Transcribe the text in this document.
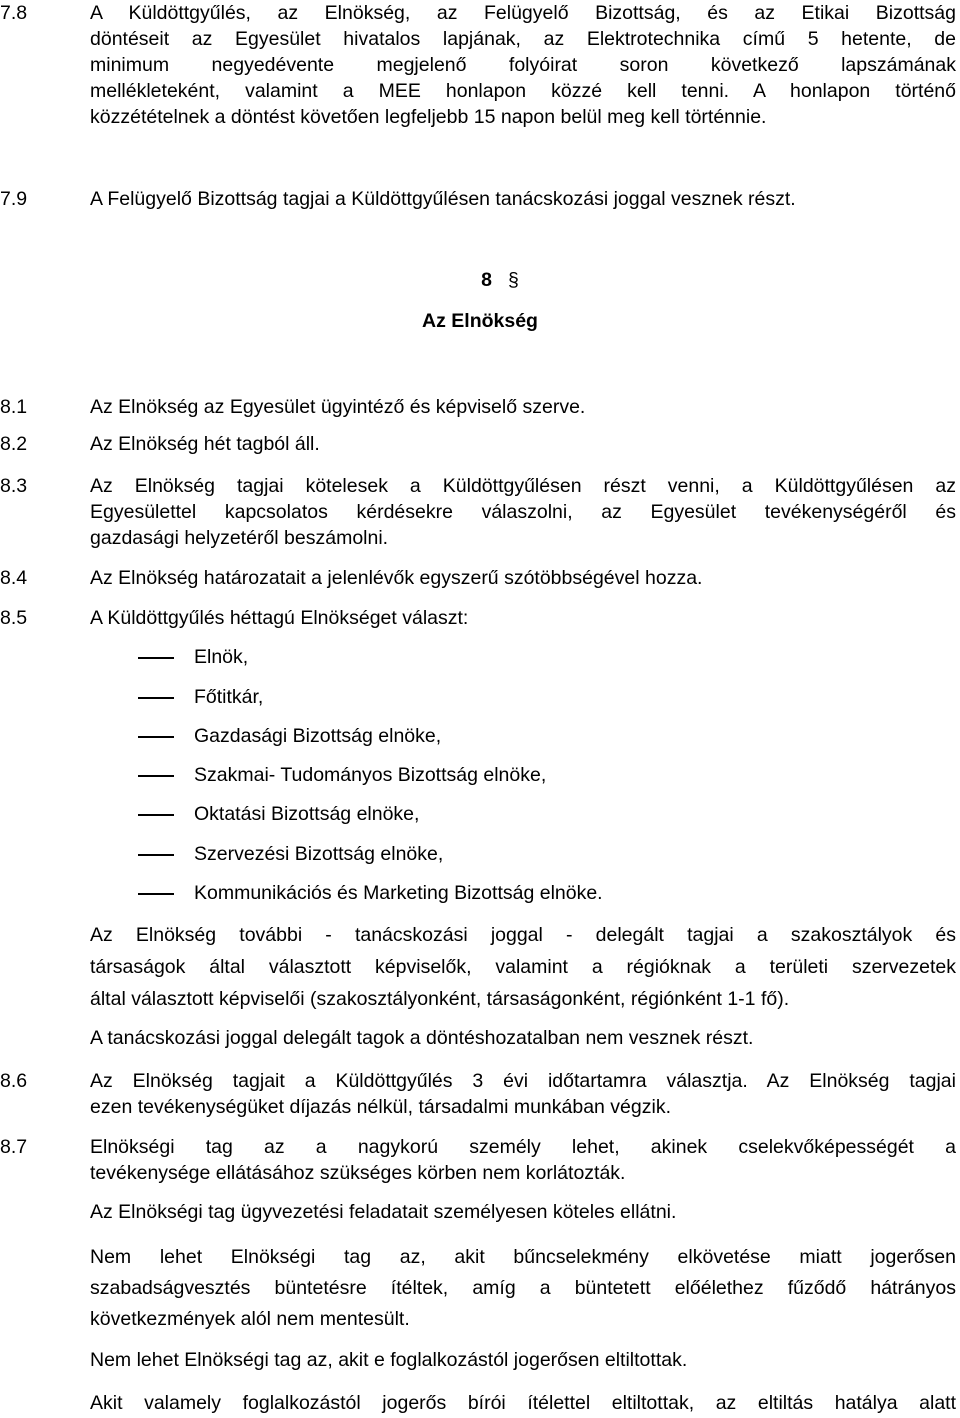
7.8	A Küldöttgyűlés, az Elnökség, az Felügyelő Bizottság, és az Etikai Bizottság
döntéseit az Egyesület hivatalos lapjának, az Elektrotechnika című 5 hetente, de
minimum negyedévente megjelenő folyóirat soron következő lapszámának
mellékleteként, valamint a MEE honlapon közzé kell tenni. A honlapon történő
közzétételnek a döntést követően legfeljebb 15 napon belül meg kell történnie.
7.9	A Felügyelő Bizottság tagjai a Küldöttgyűlésen tanácskozási joggal vesznek részt.
8 §
Az Elnökség
8.1	Az Elnökség az Egyesület ügyintéző és képviselő szerve.
8.2	Az Elnökség hét tagból áll.
8.3	Az Elnökség tagjai kötelesek a Küldöttgyűlésen részt venni, a Küldöttgyűlésen az
Egyesülettel kapcsolatos kérdésekre válaszolni, az Egyesület tevékenységéről és
gazdasági helyzetéről beszámolni.
8.4	Az Elnökség határozatait a jelenlévők egyszerű szótöbbségével hozza.
8.5	A Küldöttgyűlés héttagú Elnökséget választ:
Elnök,
Főtitkár,
Gazdasági Bizottság elnöke,
Szakmai- Tudományos Bizottság elnöke,
Oktatási Bizottság elnöke,
Szervezési Bizottság elnöke,
Kommunikációs és Marketing Bizottság elnöke.
Az Elnökség további - tanácskozási joggal - delegált tagjai a szakosztályok és
társaságok által választott képviselők, valamint a régióknak a területi szervezetek
által választott képviselői (szakosztályonként, társaságonként, régiónként 1-1 fő).
A tanácskozási joggal delegált tagok a döntéshozatalban nem vesznek részt.
8.6	Az Elnökség tagjait a Küldöttgyűlés 3 évi időtartamra választja. Az Elnökség tagjai
ezen tevékenységüket díjazás nélkül, társadalmi munkában végzik.
8.7	Elnökségi tag az a nagykorú személy lehet, akinek cselekvőképességét a
tevékenysége ellátásához szükséges körben nem korlátozták.
Az Elnökségi tag ügyvezetési feladatait személyesen köteles ellátni.
Nem lehet Elnökségi tag az, akit bűncselekmény elkövetése miatt jogerősen
szabadságvesztés büntetésre ítéltek, amíg a büntetett előélethez fűződő hátrányos
következmények alól nem mentesült.
Nem lehet Elnökségi tag az, akit e foglalkozástól jogerősen eltiltottak.
Akit valamely foglalkozástól jogerős bírói ítélettel eltiltottak, az eltiltás hatálya alatt
